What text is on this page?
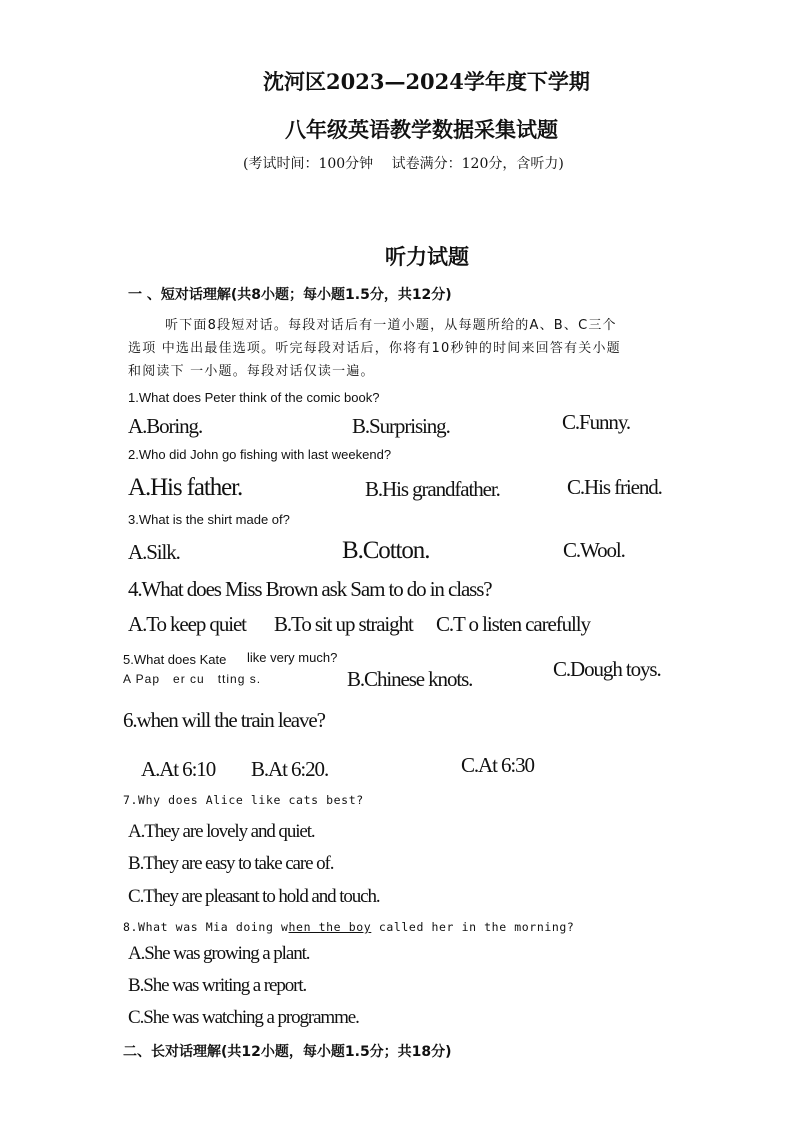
沈河区2023—2024学年度下学期
八年级英语教学数据采集试题
(考试时间：100分钟　 试卷满分：120分，含听力)
听力试题
一 、短对话理解(共8小题；每小题1.5分，共12分)
听下面8段短对话。每段对话后有一道小题，从每题所给的A、B、C三个
选项 中选出最佳选项。听完每段对话后，你将有10秒钟的时间来回答有关小题
和阅读下 一小题。每段对话仅读一遍。
1.What does Peter think of the comic book?
A.Boring.	B.Surprising.	C.Funny.
2.Who did John go fishing with last weekend?
A.His father.	B.His grandfather.	C.His friend.
3.What is the shirt made of?
A.Silk.	B.Cotton.	C.Wool.
4.What does Miss Brown ask Sam to do in class?
A.To keep quiet B.To sit up straight C.T o listen carefully
5.What does Kate like very much?
A Pap　er cu　tting s.	B.Chinese knots.	C.Dough toys.
6.when will the train leave?
A.At 6:10 B.At 6:20.	C.At 6:30
7.Why does Alice like cats best?
A.They are lovely and quiet.
B.They are easy to take care of.
C.They are pleasant to hold and touch.
8.What was Mia doing when the boy called her in the morning?
A.She was growing a plant.
B.She was writing a report.
C.She was watching a programme.
二、长对话理解(共12小题，每小题1.5分；共18分)
